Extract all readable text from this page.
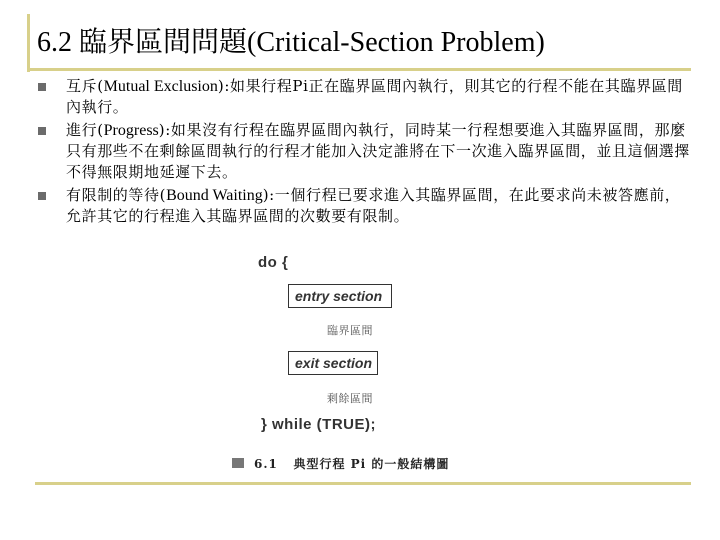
6.2 臨界區間問題(Critical-Section Problem)
互斥(Mutual Exclusion):如果行程Pi正在臨界區間內執行，則其它的行程不能在其臨界區間內執行。
進行(Progress):如果沒有行程在臨界區間內執行，同時某一行程想要進入其臨界區間，那麼只有那些不在剩餘區間執行的行程才能加入決定誰將在下一次進入臨界區間，並且這個選擇不得無限期地延遲下去。
有限制的等待(Bound Waiting):一個行程已要求進入其臨界區間，在此要求尚未被答應前，允許其它的行程進入其臨界區間的次數要有限制。
do {
entry section
臨界區間
exit section
剩餘區間
} while (TRUE);
6.1 典型行程 Pi 的一般結構圖
